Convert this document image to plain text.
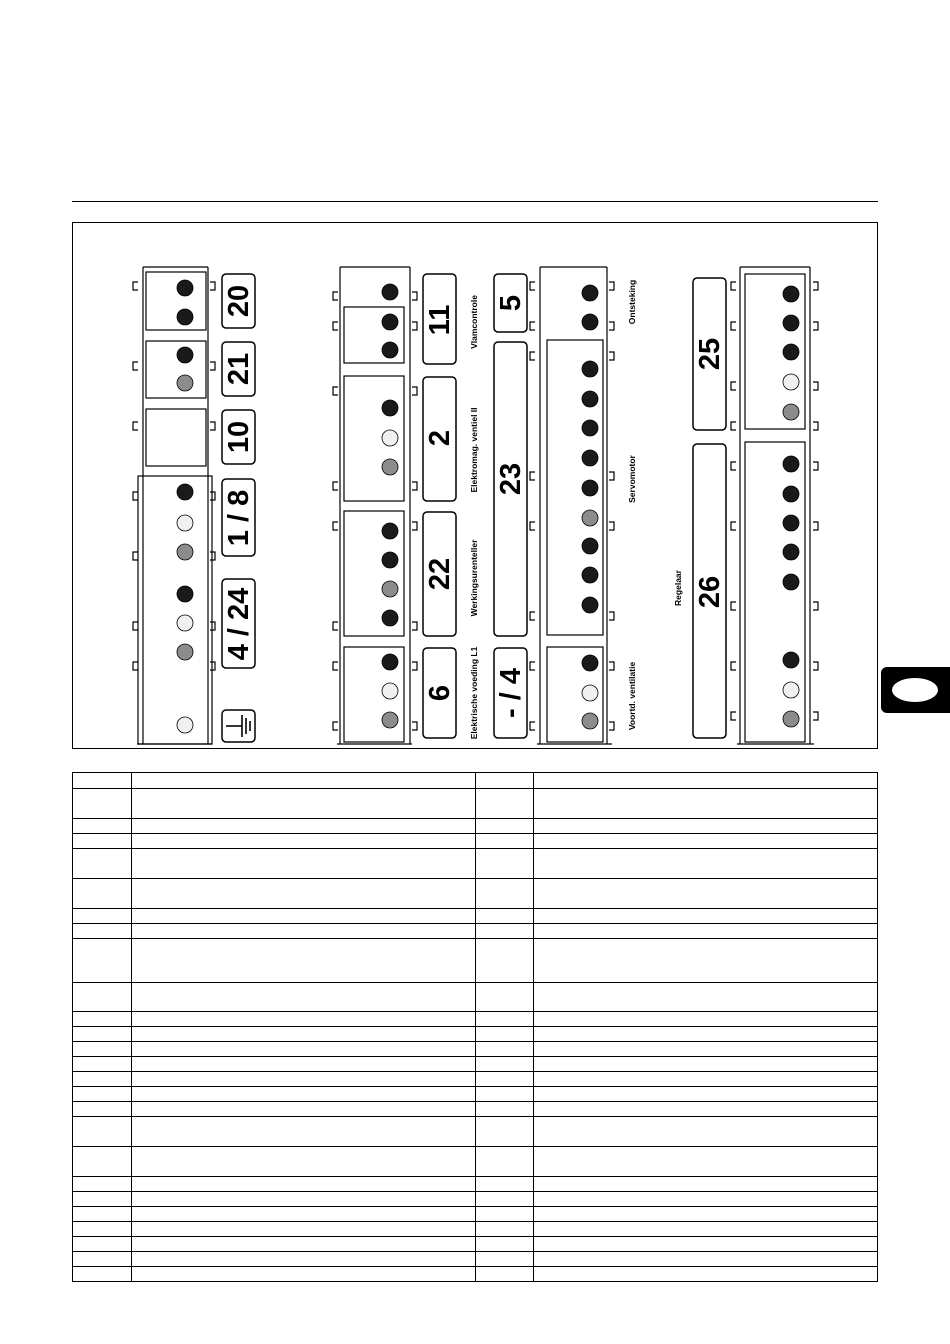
20
21
10
1 / 8
4 / 24
11
2
22
6
5
23
- / 4
25
26
Vlamcontrole
Elektromag. ventiel II
Werkingsurenteller
Elektrische voeding L1
Ontsteking
Servomotor
Voortd. ventilatie
Regelaar
